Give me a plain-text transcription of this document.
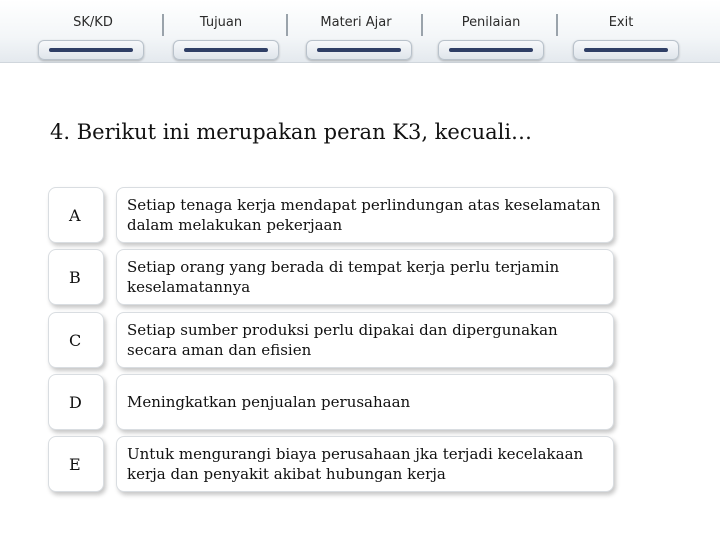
SK/KD	Tujuan	Materi Ajar	Penilaian	Exit
4. Berikut ini merupakan peran K3, kecuali…
A
Setiap tenaga kerja mendapat perlindungan atas keselamatan dalam melakukan pekerjaan
B
Setiap orang yang berada di tempat kerja perlu terjamin keselamatannya
C
Setiap sumber produksi perlu dipakai dan dipergunakan secara aman dan efisien
D	Meningkatkan penjualan perusahaan
E
Untuk mengurangi biaya perusahaan jka terjadi kecelakaan kerja dan penyakit akibat hubungan kerja
